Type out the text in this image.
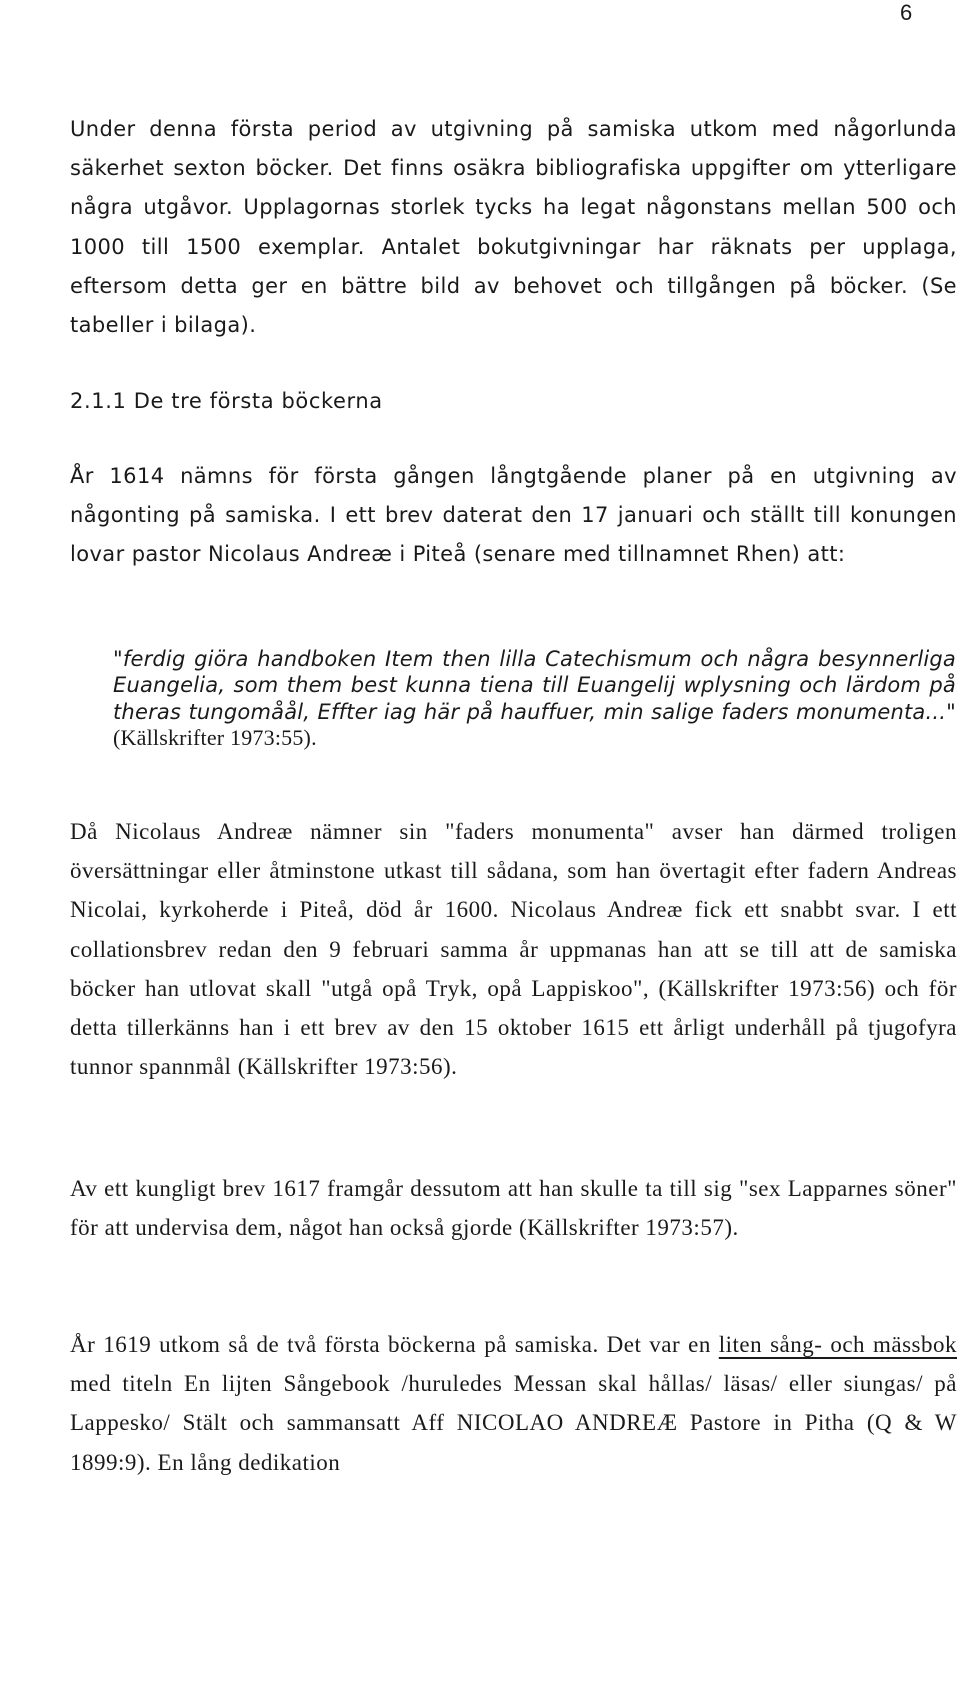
6

Under denna första period av utgivning på samiska utkom med någorlunda säkerhet sexton böcker. Det finns osäkra bibliografiska uppgifter om ytterligare några utgåvor. Upplagornas storlek tycks ha legat någonstans mellan 500 och 1000 till 1500 exemplar. Antalet bokutgivningar har räknats per upplaga, eftersom detta ger en bättre bild av behovet och tillgången på böcker. (Se tabeller i bilaga).

2.1.1 De tre första böckerna

År 1614 nämns för första gången långtgående planer på en utgivning av någonting på samiska. I ett brev daterat den 17 januari och ställt till konungen lovar pastor Nicolaus Andreæ i Piteå (senare med tillnamnet Rhen) att:

"ferdig giöra handboken Item then lilla Catechismum och några besynnerliga Euangelia, som them best kunna tiena till Euangelij wplysning och lärdom på theras tungomåål, Effter iag här på hauffuer, min salige faders monumenta..." (Källskrifter 1973:55).

Då Nicolaus Andreæ nämner sin "faders monumenta" avser han därmed troligen översättningar eller åtminstone utkast till sådana, som han övertagit efter fadern Andreas Nicolai, kyrkoherde i Piteå, död år 1600. Nicolaus Andreæ fick ett snabbt svar. I ett collationsbrev redan den 9 februari samma år uppmanas han att se till att de samiska böcker han utlovat skall "utgå opå Tryk, opå Lappiskoo", (Källskrifter 1973:56) och för detta tillerkänns han i ett brev av den 15 oktober 1615 ett årligt underhåll på tjugofyra tunnor spannmål (Källskrifter 1973:56).

Av ett kungligt brev 1617 framgår dessutom att han skulle ta till sig "sex Lapparnes söner" för att undervisa dem, något han också gjorde (Källskrifter 1973:57).

År 1619 utkom så de två första böckerna på samiska. Det var en liten sång- och mässbok med titeln En lijten Sångebook /huruledes Messan skal hållas/ läsas/ eller siungas/ på Lappesko/ Stält och sammansatt Aff NICOLAO ANDREÆ Pastore in Pitha (Q & W 1899:9). En lång dedikation
